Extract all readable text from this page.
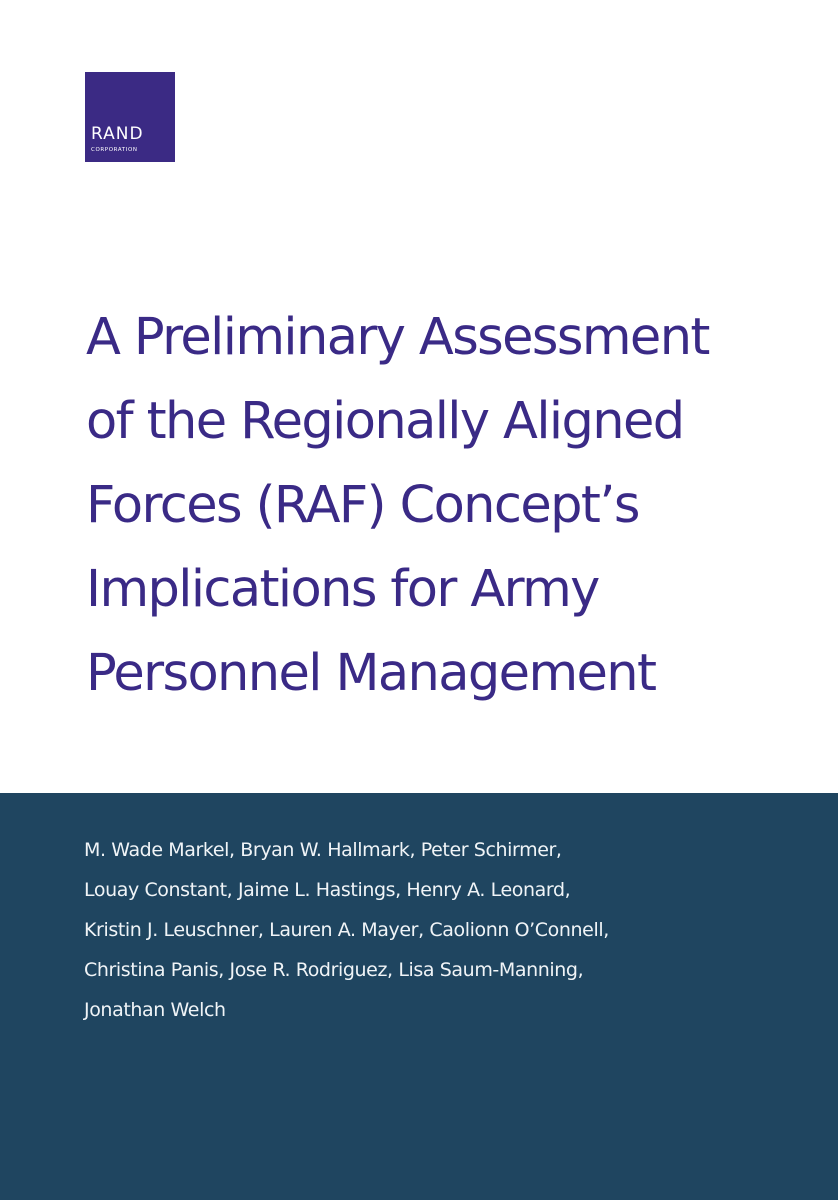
RAND
CORPORATION
A Preliminary Assessment
of the Regionally Aligned
Forces (RAF) Concept’s
Implications for Army
Personnel Management
M. Wade Markel, Bryan W. Hallmark, Peter Schirmer,
Louay Constant, Jaime L. Hastings, Henry A. Leonard,
Kristin J. Leuschner, Lauren A. Mayer, Caolionn O’Connell,
Christina Panis, Jose R. Rodriguez, Lisa Saum-Manning,
Jonathan Welch
